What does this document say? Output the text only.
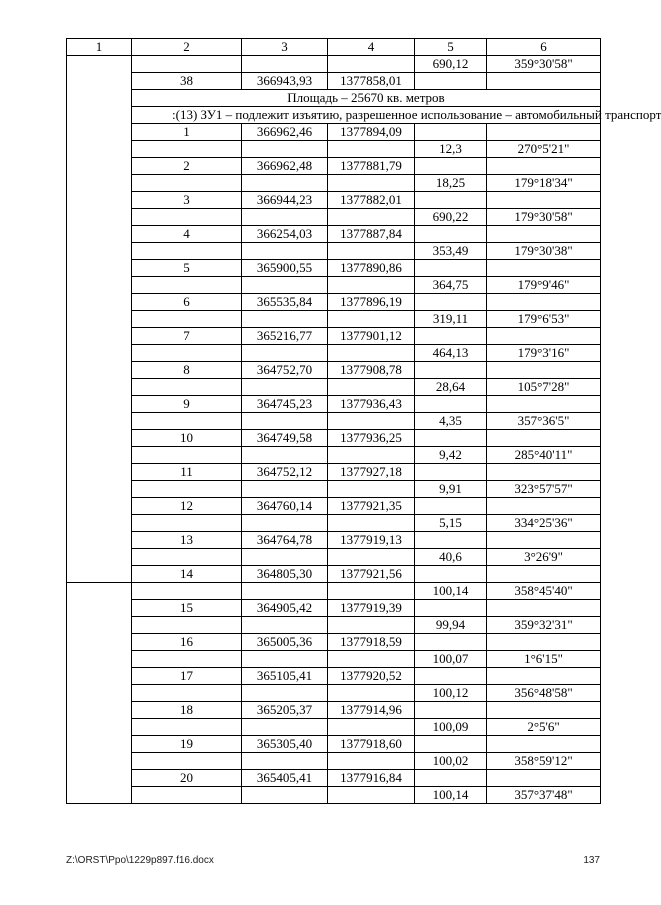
1	2	3	4	5	6
				690,12	359°30'58"
	38	366943,93	1377858,01		
	Площадь – 25670 кв. метров				
	:(13) ЗУ1 – подлежит изъятию, разрешенное использование – автомобильный транспорт				
	1	366962,46	1377894,09		
				12,3	270°5'21"
	2	366962,48	1377881,79		
				18,25	179°18'34"
	3	366944,23	1377882,01		
				690,22	179°30'58"
	4	366254,03	1377887,84		
				353,49	179°30'38"
	5	365900,55	1377890,86		
				364,75	179°9'46"
	6	365535,84	1377896,19		
				319,11	179°6'53"
	7	365216,77	1377901,12		
				464,13	179°3'16"
	8	364752,70	1377908,78		
				28,64	105°7'28"
	9	364745,23	1377936,43		
				4,35	357°36'5"
	10	364749,58	1377936,25		
				9,42	285°40'11"
	11	364752,12	1377927,18		
				9,91	323°57'57"
	12	364760,14	1377921,35		
				5,15	334°25'36"
	13	364764,78	1377919,13		
				40,6	3°26'9"
	14	364805,30	1377921,56		
				100,14	358°45'40"
	15	364905,42	1377919,39		
				99,94	359°32'31"
	16	365005,36	1377918,59		
				100,07	1°6'15"
	17	365105,41	1377920,52		
				100,12	356°48'58"
	18	365205,37	1377914,96		
				100,09	2°5'6"
	19	365305,40	1377918,60		
				100,02	358°59'12"
	20	365405,41	1377916,84		
				100,14	357°37'48"
Z:\ORST\Ppo\1229p897.f16.docx	137
